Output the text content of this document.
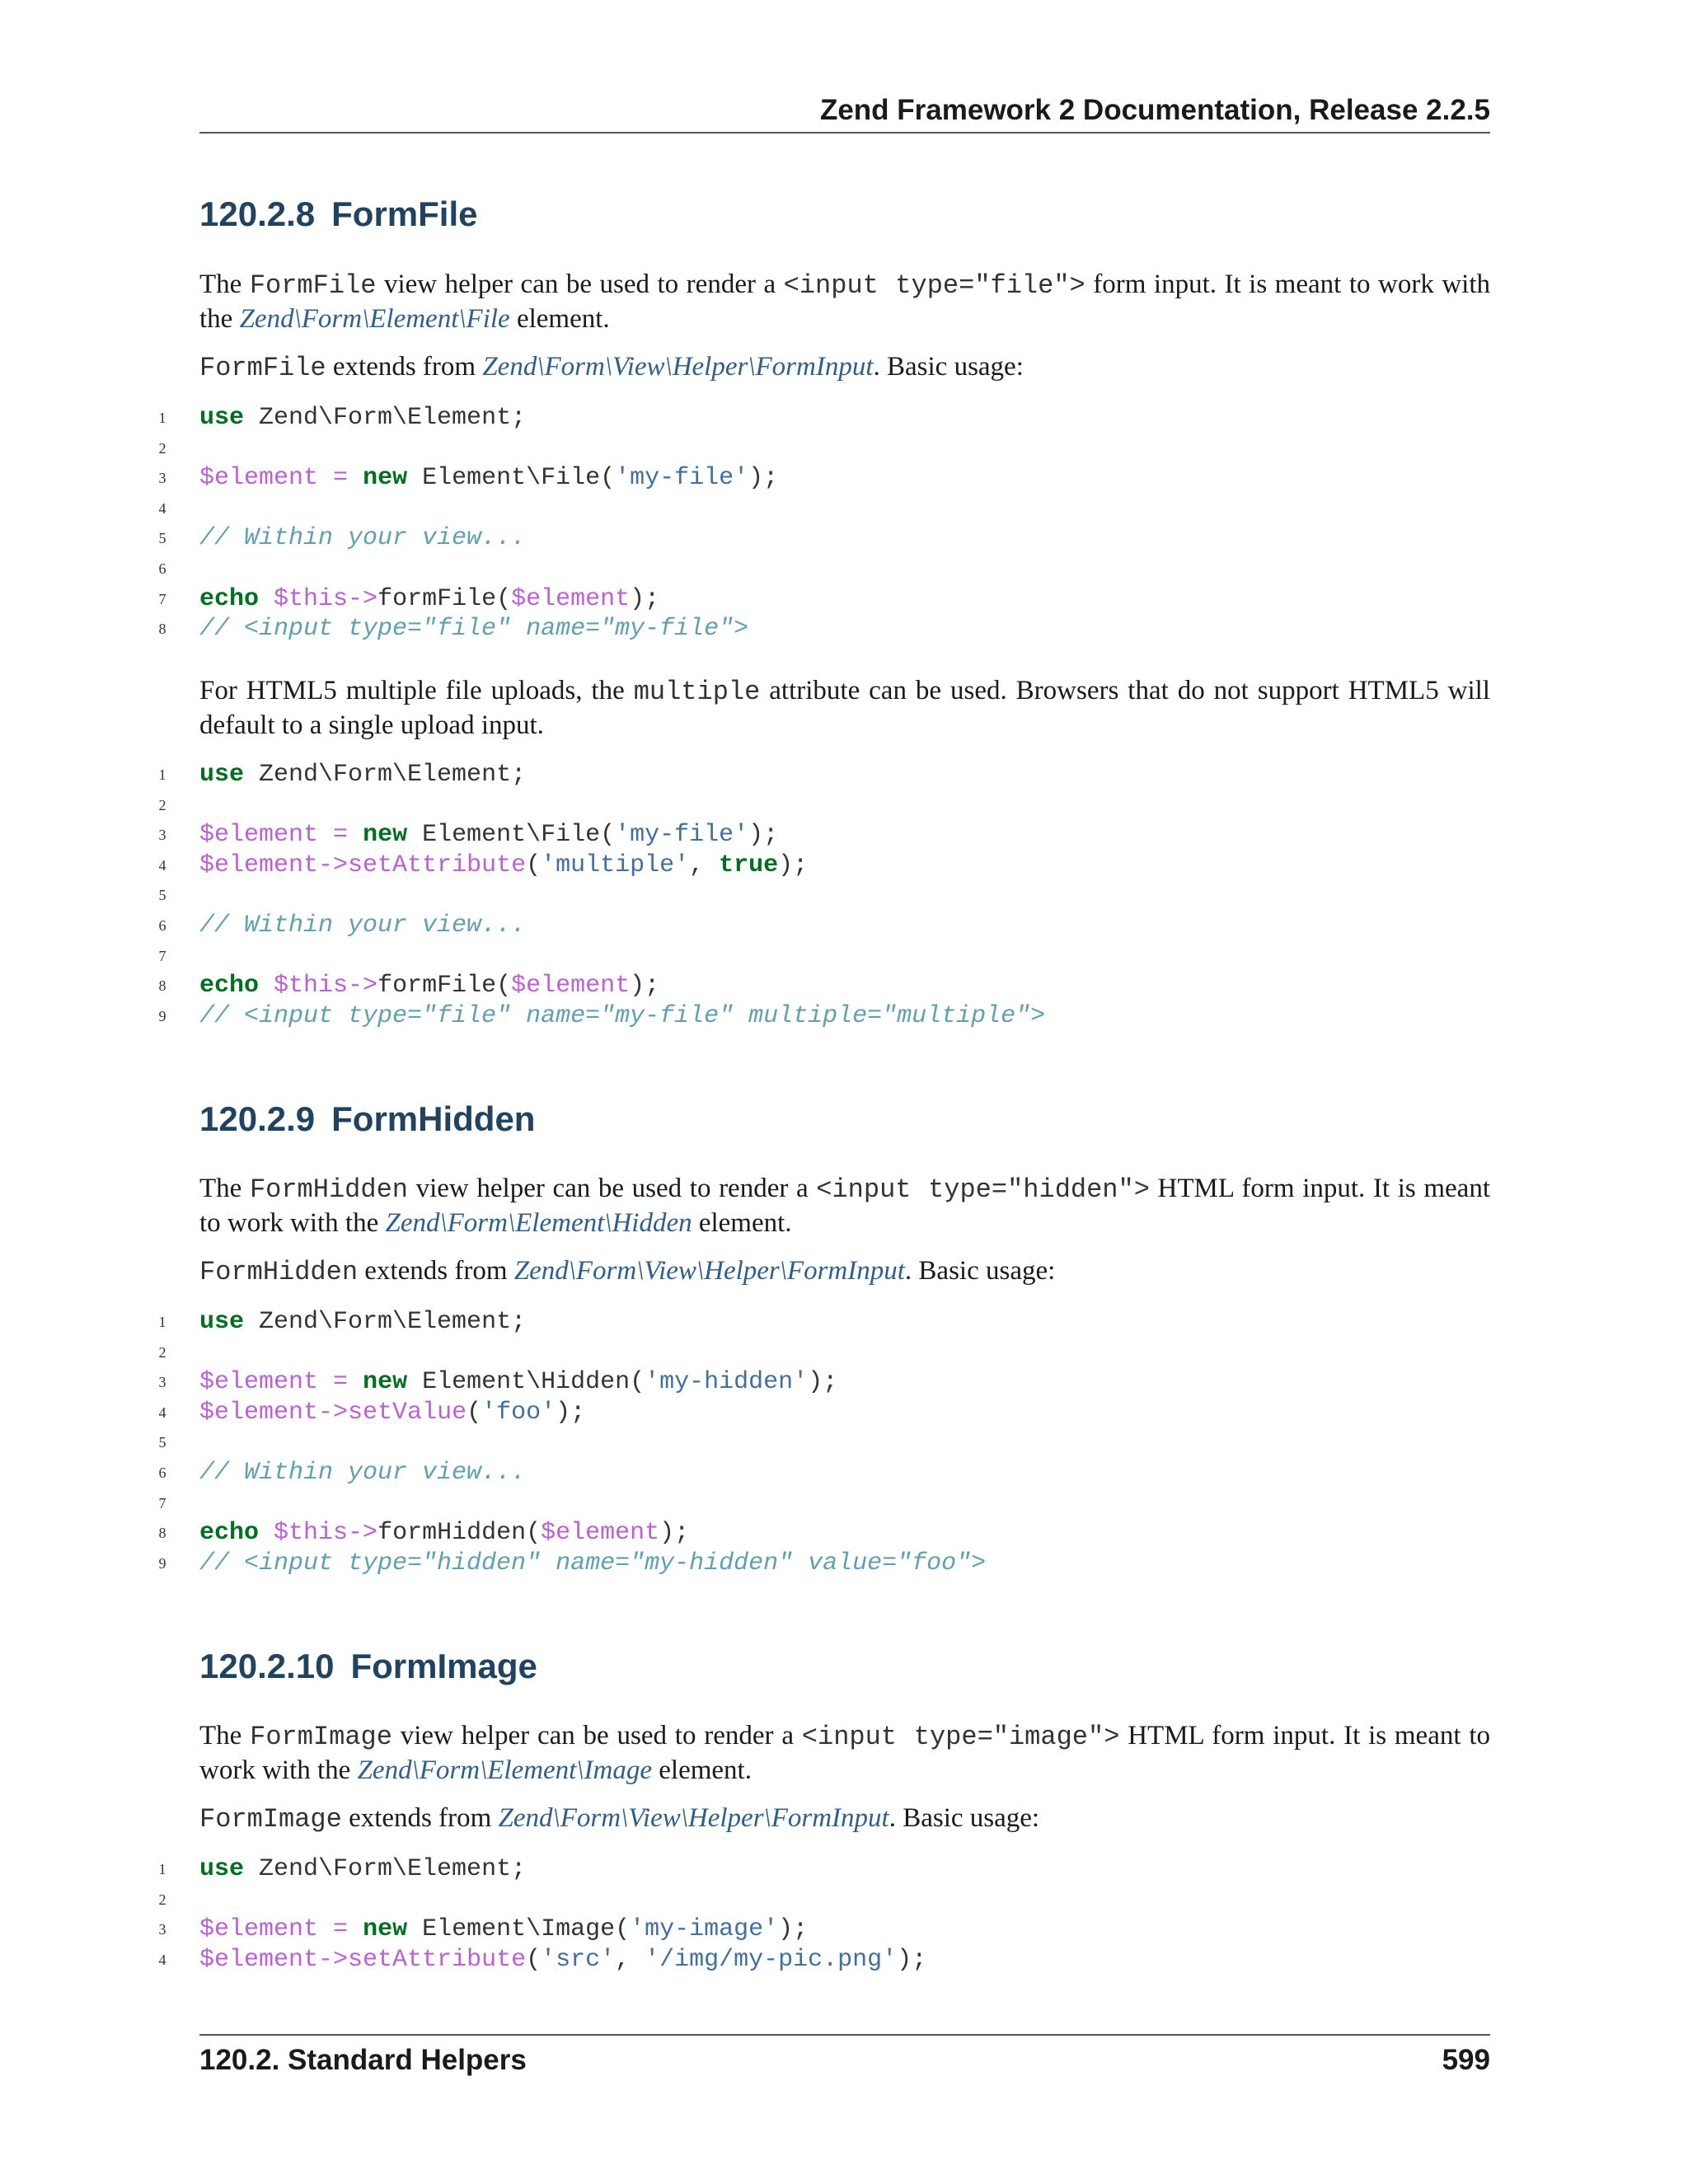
Zend Framework 2 Documentation, Release 2.2.5
120.2.8 FormFile

The FormFile view helper can be used to render a <input type="file"> form input. It is meant to work with the Zend\Form\Element\File element.

FormFile extends from Zend\Form\View\Helper\FormInput. Basic usage:

1 use Zend\Form\Element;
2
3 $element = new Element\File('my-file');
4
5 // Within your view...
6
7 echo $this->formFile($element);
8 // <input type="file" name="my-file">

For HTML5 multiple file uploads, the multiple attribute can be used. Browsers that do not support HTML5 will default to a single upload input.

1 use Zend\Form\Element;
2
3 $element = new Element\File('my-file');
4 $element->setAttribute('multiple', true);
5
6 // Within your view...
7
8 echo $this->formFile($element);
9 // <input type="file" name="my-file" multiple="multiple">
120.2.9 FormHidden

The FormHidden view helper can be used to render a <input type="hidden"> HTML form input. It is meant to work with the Zend\Form\Element\Hidden element.

FormHidden extends from Zend\Form\View\Helper\FormInput. Basic usage:

1 use Zend\Form\Element;
2
3 $element = new Element\Hidden('my-hidden');
4 $element->setValue('foo');
5
6 // Within your view...
7
8 echo $this->formHidden($element);
9 // <input type="hidden" name="my-hidden" value="foo">
120.2.10 FormImage

The FormImage view helper can be used to render a <input type="image"> HTML form input. It is meant to work with the Zend\Form\Element\Image element.

FormImage extends from Zend\Form\View\Helper\FormInput. Basic usage:

1 use Zend\Form\Element;
2
3 $element = new Element\Image('my-image');
4 $element->setAttribute('src', '/img/my-pic.png');
120.2. Standard Helpers	599
